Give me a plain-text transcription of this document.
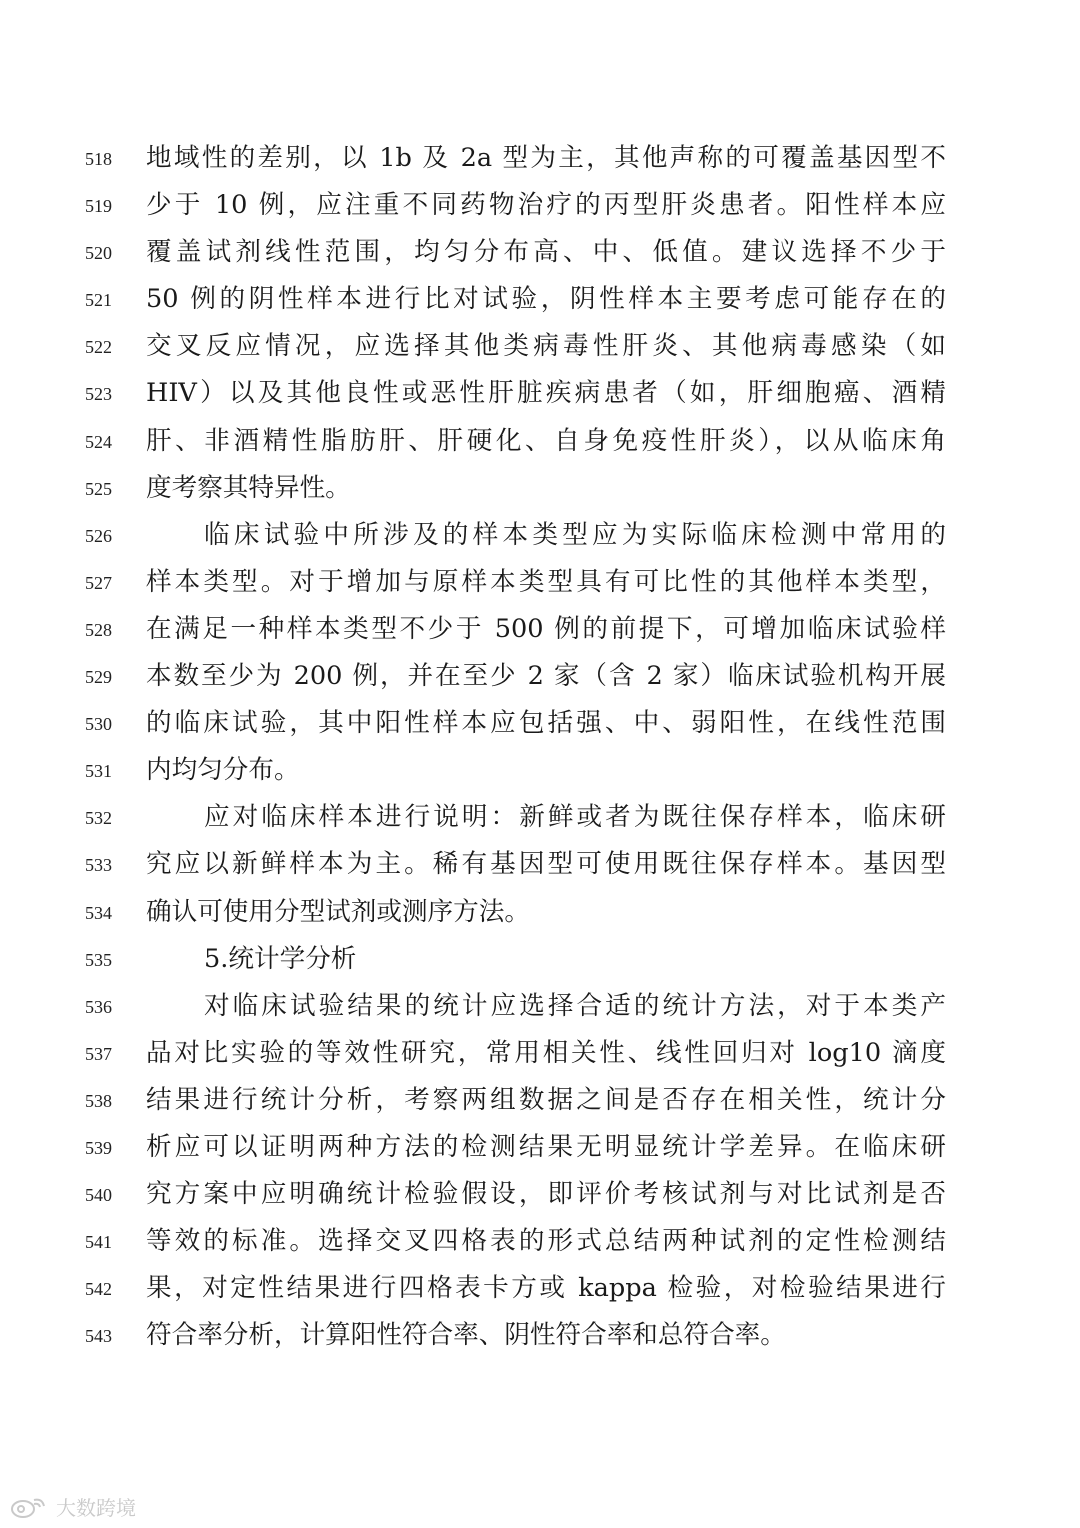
518 地域性的差别，以 1b 及 2a 型为主，其他声称的可覆盖基因型不
519 少于 10 例，应注重不同药物治疗的丙型肝炎患者。阳性样本应
520 覆盖试剂线性范围，均匀分布高、中、低值。建议选择不少于
521 50 例的阴性样本进行比对试验，阴性样本主要考虑可能存在的
522 交叉反应情况，应选择其他类病毒性肝炎、其他病毒感染（如
523 HIV）以及其他良性或恶性肝脏疾病患者（如，肝细胞癌、酒精
524 肝、非酒精性脂肪肝、肝硬化、自身免疫性肝炎），以从临床角
525 度考察其特异性。
526	临床试验中所涉及的样本类型应为实际临床检测中常用的
527 样本类型。对于增加与原样本类型具有可比性的其他样本类型，
528 在满足一种样本类型不少于 500 例的前提下，可增加临床试验样
529 本数至少为 200 例，并在至少 2 家（含 2 家）临床试验机构开展
530 的临床试验，其中阳性样本应包括强、中、弱阳性，在线性范围
531 内均匀分布。
532	应对临床样本进行说明：新鲜或者为既往保存样本，临床研
533 究应以新鲜样本为主。稀有基因型可使用既往保存样本。基因型
534 确认可使用分型试剂或测序方法。
535	5.统计学分析
536	对临床试验结果的统计应选择合适的统计方法，对于本类产
537 品对比实验的等效性研究，常用相关性、线性回归对 log10 滴度
538 结果进行统计分析，考察两组数据之间是否存在相关性，统计分
539 析应可以证明两种方法的检测结果无明显统计学差异。在临床研
540 究方案中应明确统计检验假设，即评价考核试剂与对比试剂是否
541 等效的标准。选择交叉四格表的形式总结两种试剂的定性检测结
542 果，对定性结果进行四格表卡方或 kappa 检验，对检验结果进行
543 符合率分析，计算阳性符合率、阴性符合率和总符合率。
大数跨境
